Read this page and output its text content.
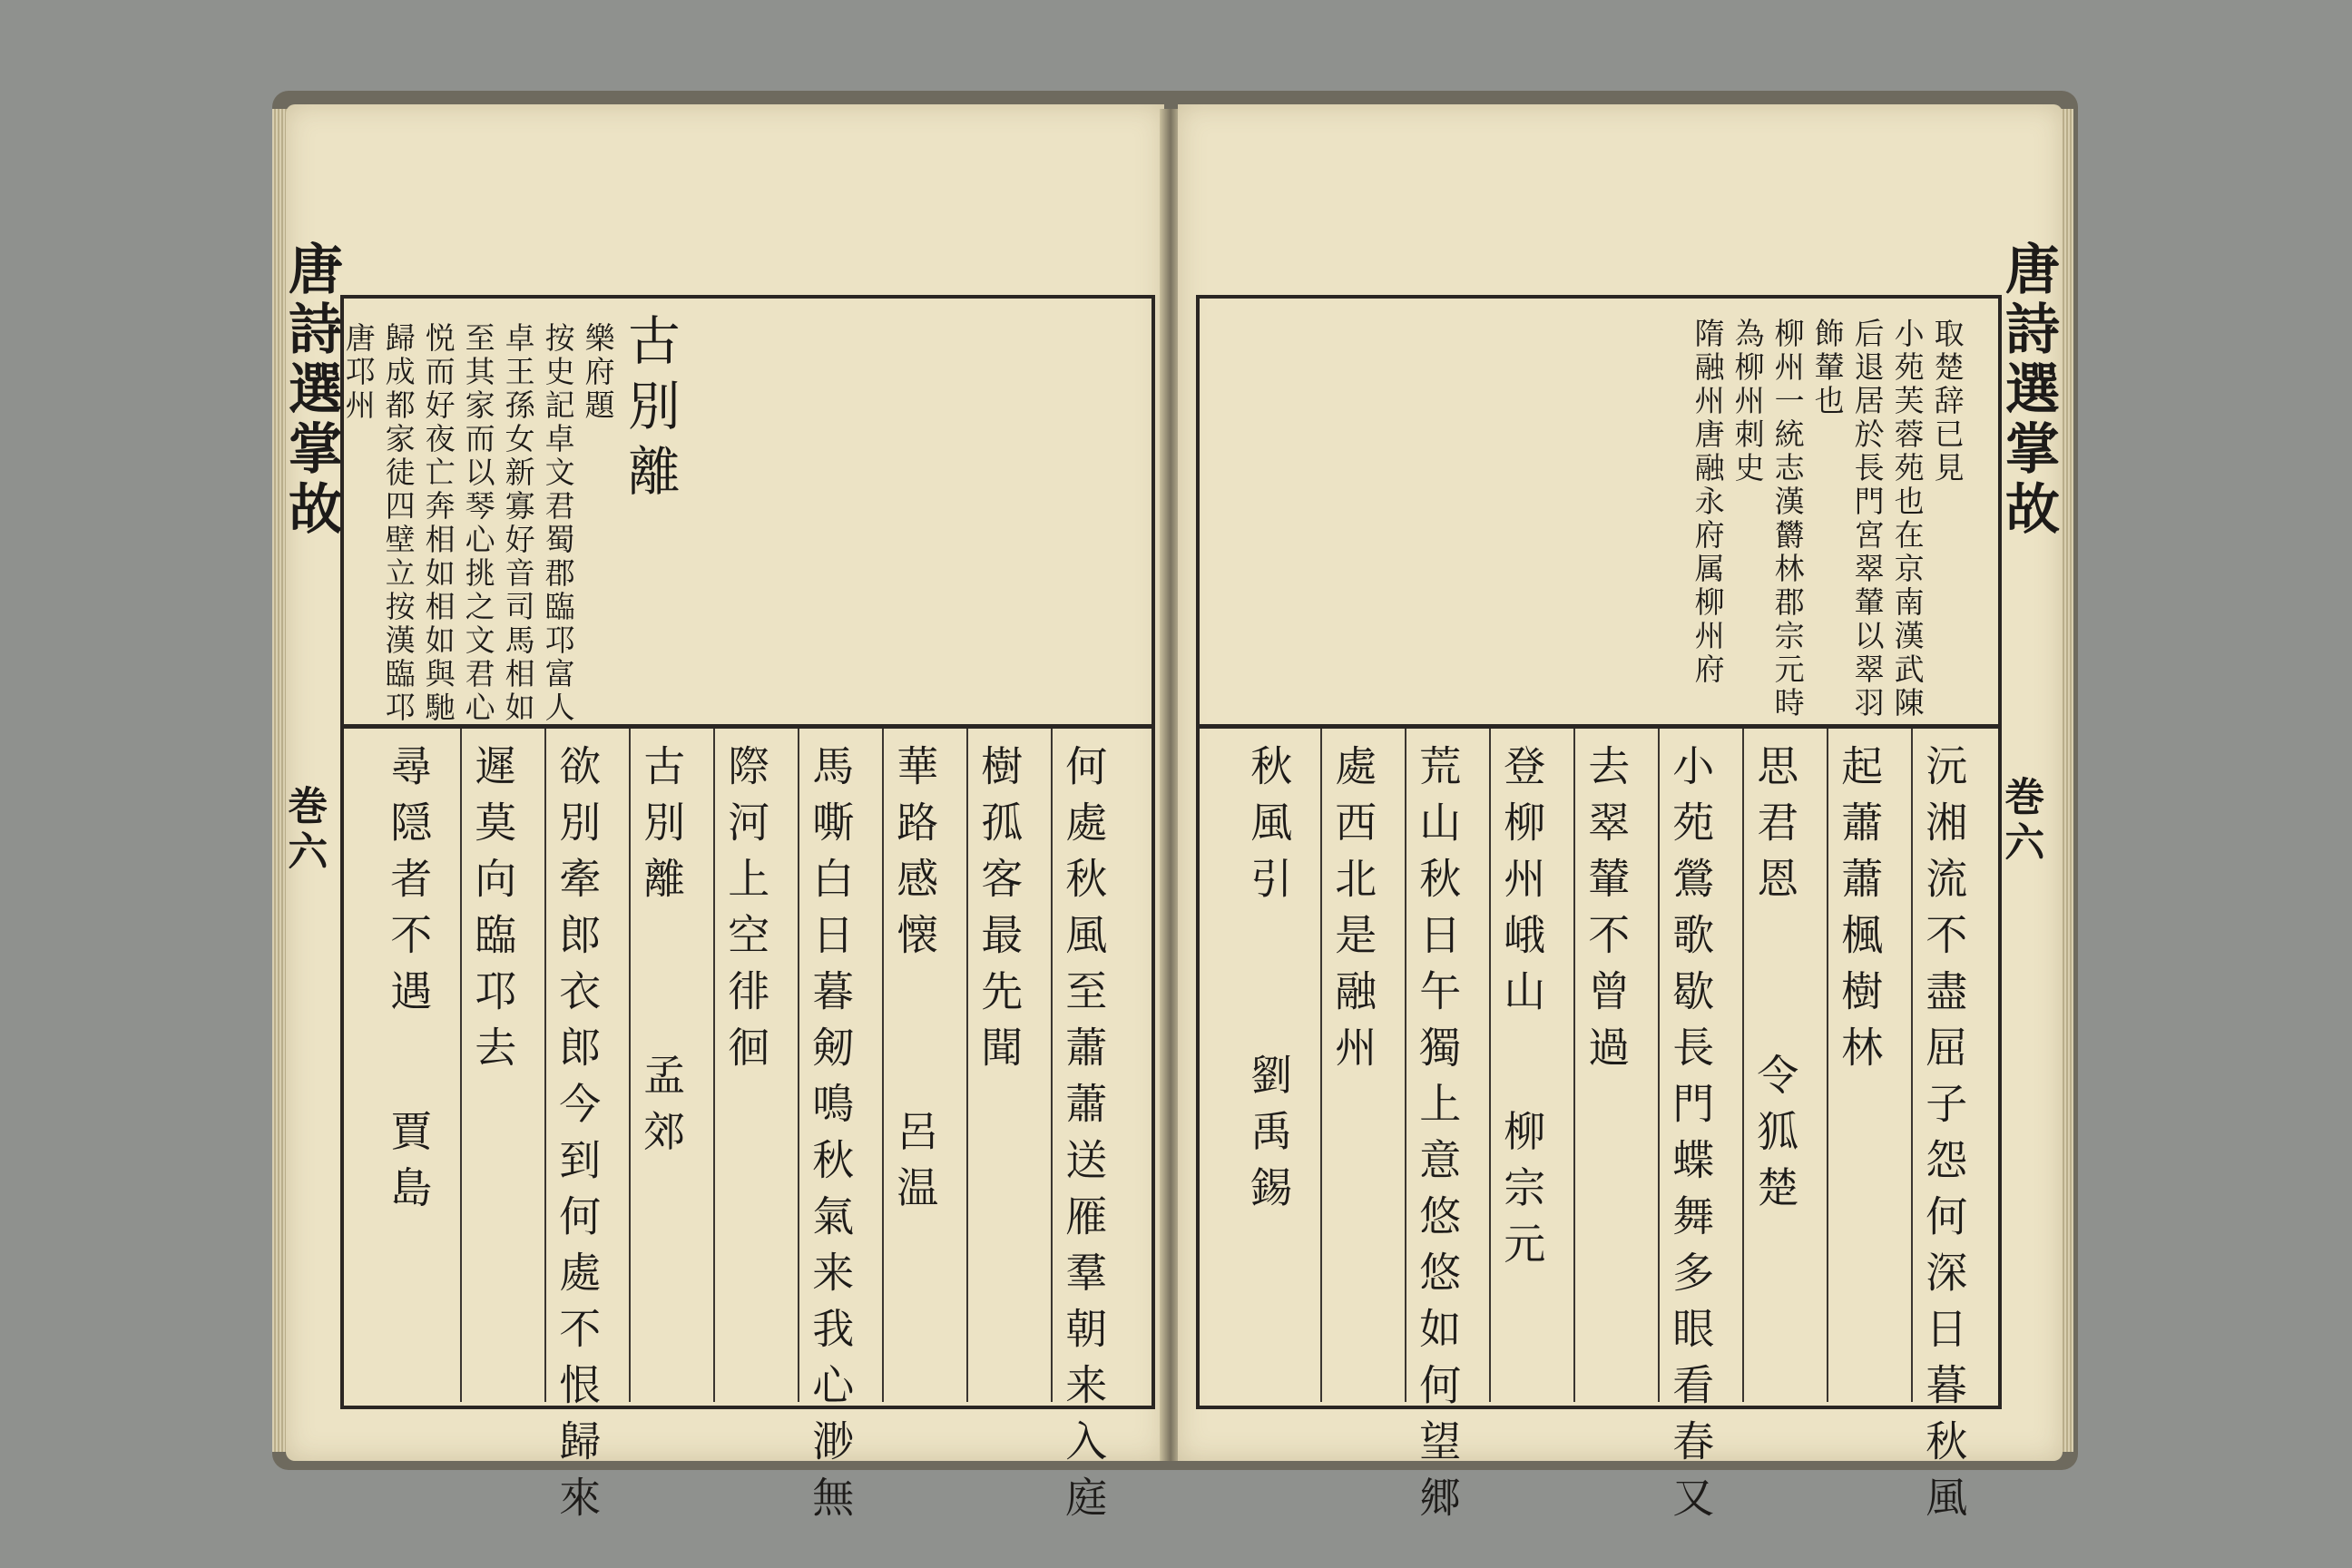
唐詩選掌故
巻六
古別離
樂府題
按史記卓文君蜀郡臨邛富人
卓王孫女新寡好音司馬相如
至其家而以琴心挑之文君心
悦而好夜亡奔相如相如與馳
歸成都家徒四壁立按漢臨邛
唐邛州
何處秋風至蕭蕭送雁羣朝来入庭
樹孤客最先聞
華路感懐 　　呂温
馬嘶白日暮剱鳴秋氣来我心渺無
際河上空徘徊
古別離 　　孟郊
欲別牽郎衣郎今到何處不恨歸來
遲莫向臨邛去
尋隠者不遇 　賈島
唐詩選掌故
巻六
取楚辞已見
小苑芙蓉苑也在京南漢武陳
后退居於長門宮翠輦以翠羽
飾輦也
柳州一統志漢欝林郡宗元時
為柳州刺史
隋融州唐融永府属柳州府
沅湘流不盡屈子怨何深日暮秋風
起蕭蕭楓樹林
思君恩 　　令狐楚
小苑鶯歌歇長門蝶舞多眼看春又
去翠輦不曾過
登柳州峨山 　柳宗元
荒山秋日午獨上意悠悠如何望郷
處西北是融州
秋風引 　　劉禹錫
